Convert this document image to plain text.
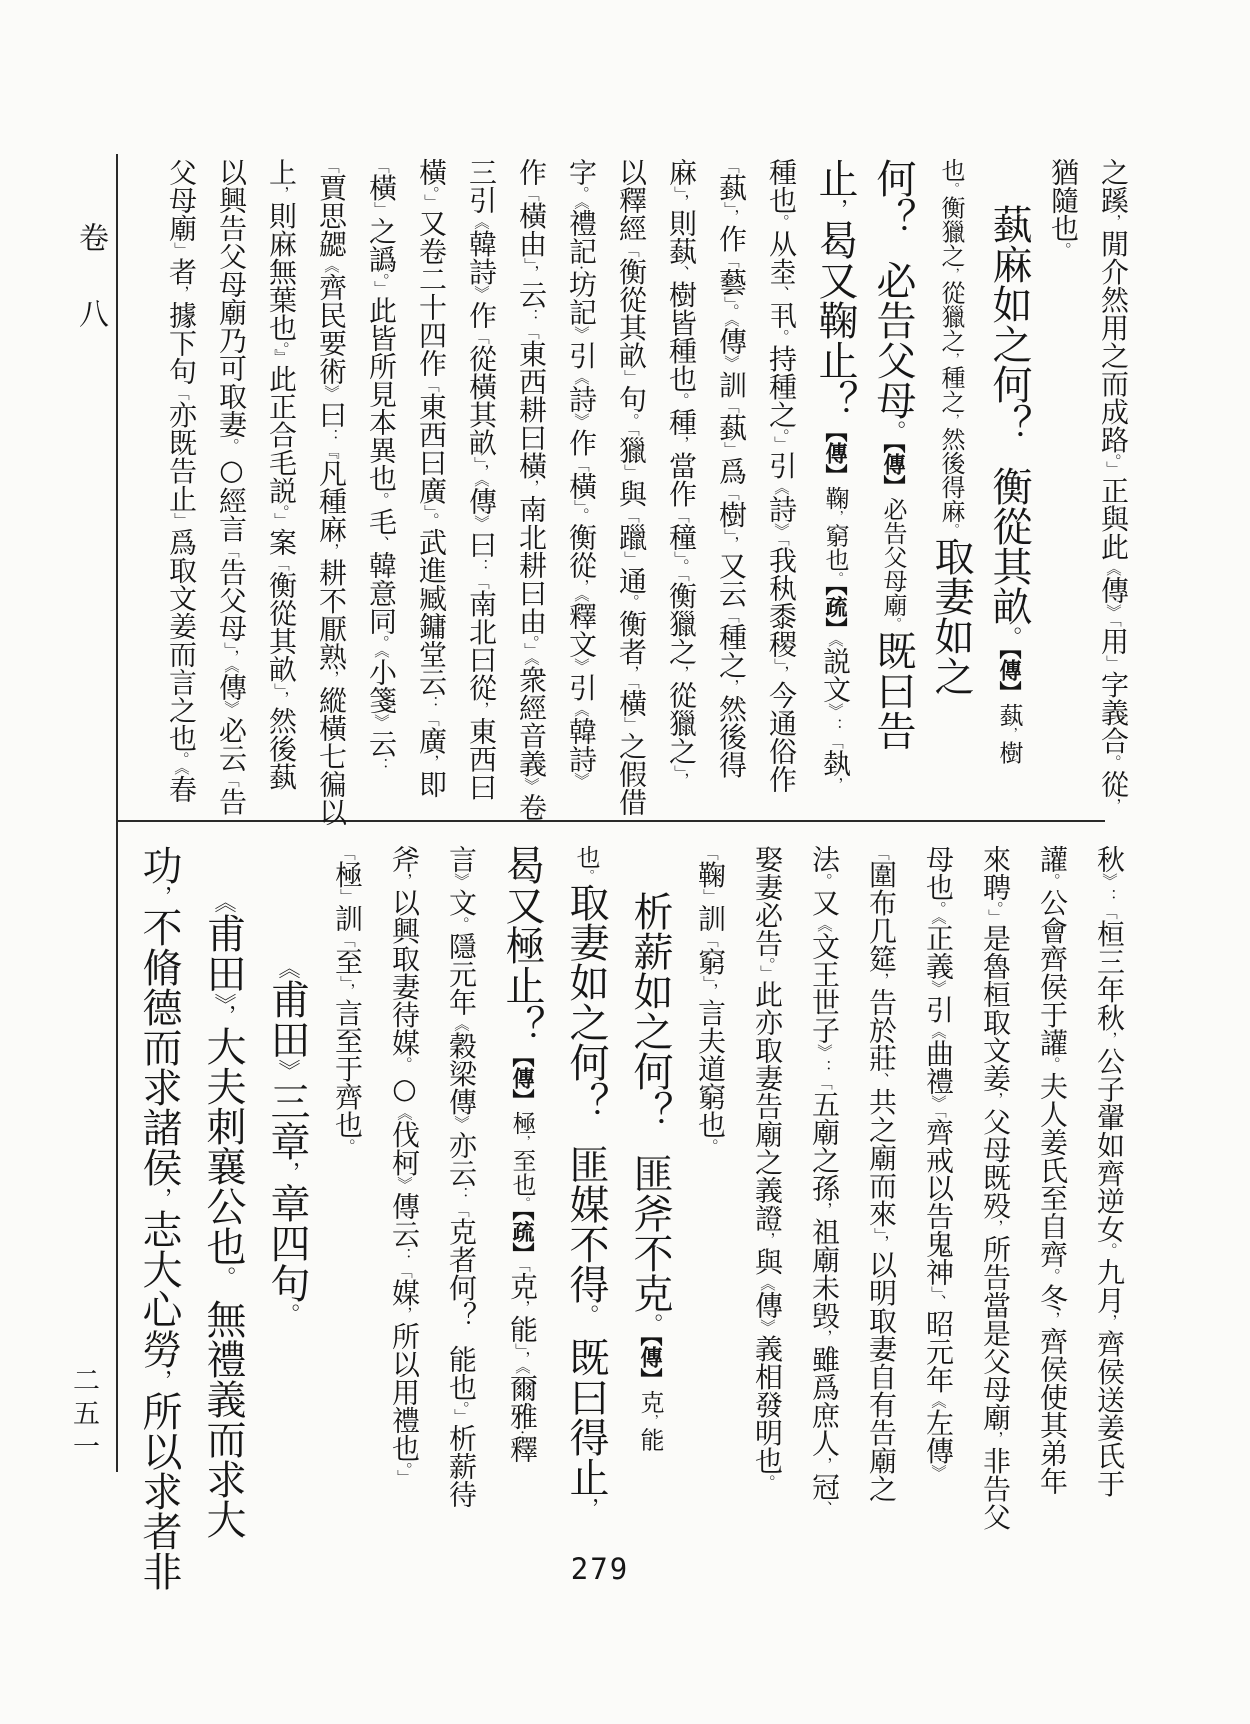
卷八
二五一
279
之蹊，閒介然用之而成路。」正與此《傳》「用」字義合。從，
猶隨也。
蓺麻如之何？　衡從其畝。【傳】蓺，樹
也。衡獵之，從獵之，種之，然後得麻。取妻如之
何？　必告父母。【傳】必告父母廟。既曰告
止，曷又鞠止？【傳】鞠，窮也。【疏】《説文》：「埶，
種也。从坴、丮。持種之。」引《詩》「我秇黍稷」，今通俗作
「蓺」，作「藝」。《傳》訓「蓺」爲「樹」，又云「種之，然後得
麻」，則蓺、樹皆種也。種，當作「穜」。「衡獵之，從獵之」，
以釋經「衡從其畝」句。「獵」與「躐」通。衡者，「橫」之假借
字。《禮記·坊記》引《詩》作「橫」。衡從，《釋文》引《韓詩》
作「橫由」，云：「東西耕曰橫，南北耕曰由。」《衆經音義》卷
三引《韓詩》作「從橫其畝」，《傳》曰：「南北曰從，東西曰
橫。」又卷二十四作「東西曰廣」。武進臧鏞堂云：「廣，即
「橫」之譌。」此皆所見本異也。毛、韓意同。《小箋》云：
「賈思勰《齊民要術》曰：『凡種麻，耕不厭熟，縱橫七徧以
上，則麻無葉也。』此正合毛説。」案「衡從其畝」，然後蓺
以興告父母廟乃可取妻。○經言「告父母」，《傳》必云「告
父母廟」者，據下句「亦既告止」爲取文姜而言之也。《春
秋》：「桓三年秋，公子翬如齊逆女。九月，齊侯送姜氏于
讙。公會齊侯于讙。夫人姜氏至自齊。冬，齊侯使其弟年
來聘。」是魯桓取文姜，父母既殁，所告當是父母廟，非告父
母也。《正義》引《曲禮》「齊戒以告鬼神」、昭元年《左傳》
「圍布几筵，告於莊、共之廟而來」，以明取妻自有告廟之
法。又《文王世子》：「五廟之孫，祖廟未毁，雖爲庶人，冠、
娶妻必告。」此亦取妻告廟之義證，與《傳》義相發明也。
「鞠」訓「窮」，言夫道窮也。
析薪如之何？　匪斧不克。【傳】克，能
也。取妻如之何？　匪媒不得。　既曰得止，
曷又極止？【傳】極，至也。【疏】「克，能」，《爾雅·釋
言》文。隱元年《穀梁傳》亦云：「克者何？　能也。」析薪待
斧，以興取妻待媒。○《伐柯》傳云：「媒，所以用禮也。」
「極」訓「至」，言至于齊也。
《甫田》三章，章四句。
《甫田》，大夫刺襄公也。　無禮義而求大
功，不脩德而求諸侯，志大心勞，所以求者非
